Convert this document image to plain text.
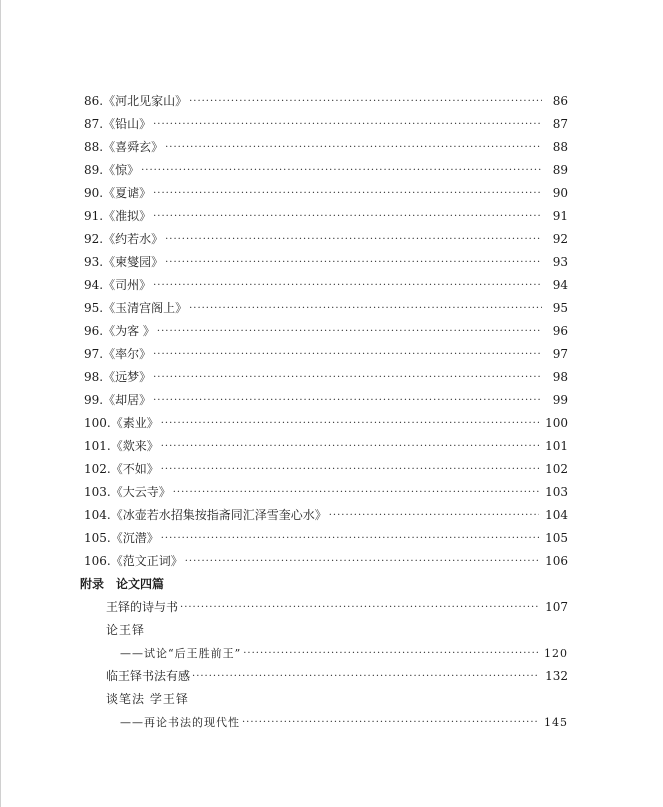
86.《河北见家山》 ·····	86
87.《铅山》 ·····	87
88.《喜舜玄》 ·····	88
89.《惊》 ·····	89
90.《夏谑》 ·····	90
91.《准拟》 ·····	91
92.《约若水》 ·····	92
93.《柬燮园》 ·····	93
94.《司州》 ·····	94
95.《玉清宫阁上》 ·····	95
96.《为客 》 ·····	96
97.《率尔》 ·····	97
98.《远梦》 ·····	98
99.《却居》 ·····	99
100.《素业》 ·····	100
101.《欻来》 ·····	101
102.《不如》 ·····	102
103.《大云寺》 ·····	103
104.《冰壶若水招集按指斋同汇泽雪奎心水》 ·····	104
105.《沉潜》 ·····	105
106.《范文正词》 ·····	106
附录 论文四篇
王铎的诗与书 ·····	107
论王铎
——试论“后王胜前王” ·····	120
临王铎书法有感 ·····	132
谈笔法 学王铎
——再论书法的现代性 ·····	145
